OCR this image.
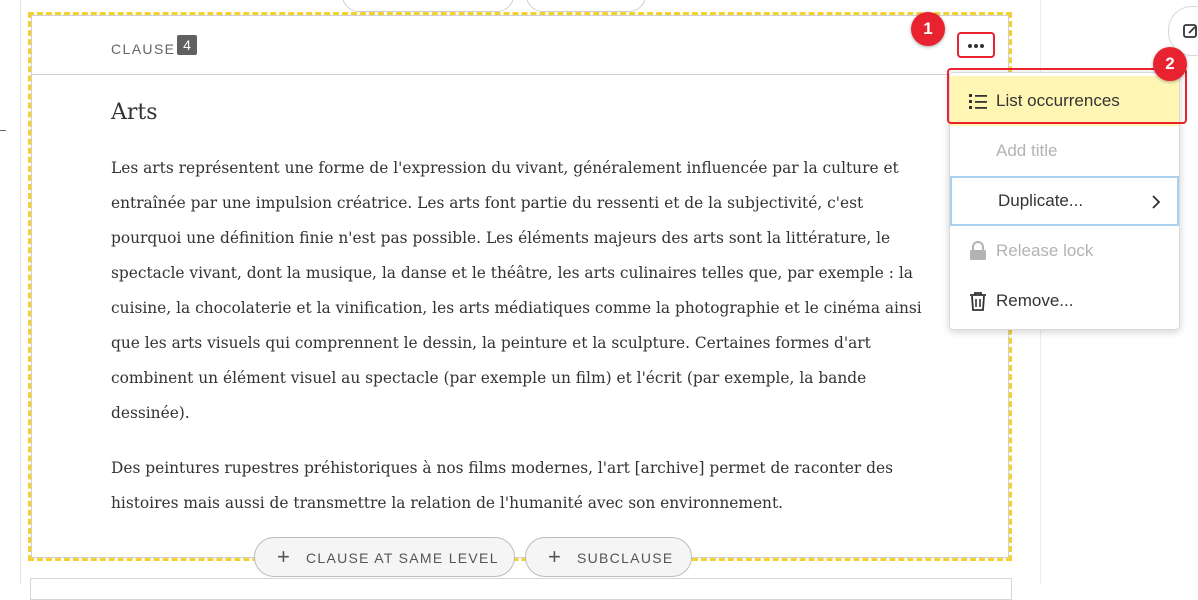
CLAUSE 4
Arts

Les arts représentent une forme de l'expression du vivant, généralement influencée par la culture et entraînée par une impulsion créatrice. Les arts font partie du ressenti et de la subjectivité, c'est pourquoi une définition finie n'est pas possible. Les éléments majeurs des arts sont la littérature, le spectacle vivant, dont la musique, la danse et le théâtre, les arts culinaires telles que, par exemple : la cuisine, la chocolaterie et la vinification, les arts médiatiques comme la photographie et le cinéma ainsi que les arts visuels qui comprennent le dessin, la peinture et la sculpture. Certaines formes d'art combinent un élément visuel au spectacle (par exemple un film) et l'écrit (par exemple, la bande dessinée).

Des peintures rupestres préhistoriques à nos films modernes, l'art [archive] permet de raconter des histoires mais aussi de transmettre la relation de l'humanité avec son environnement.

+ CLAUSE AT SAME LEVEL + SUBCLAUSE
List occurrences
Add title
Duplicate...
Release lock
Remove...
1
2
